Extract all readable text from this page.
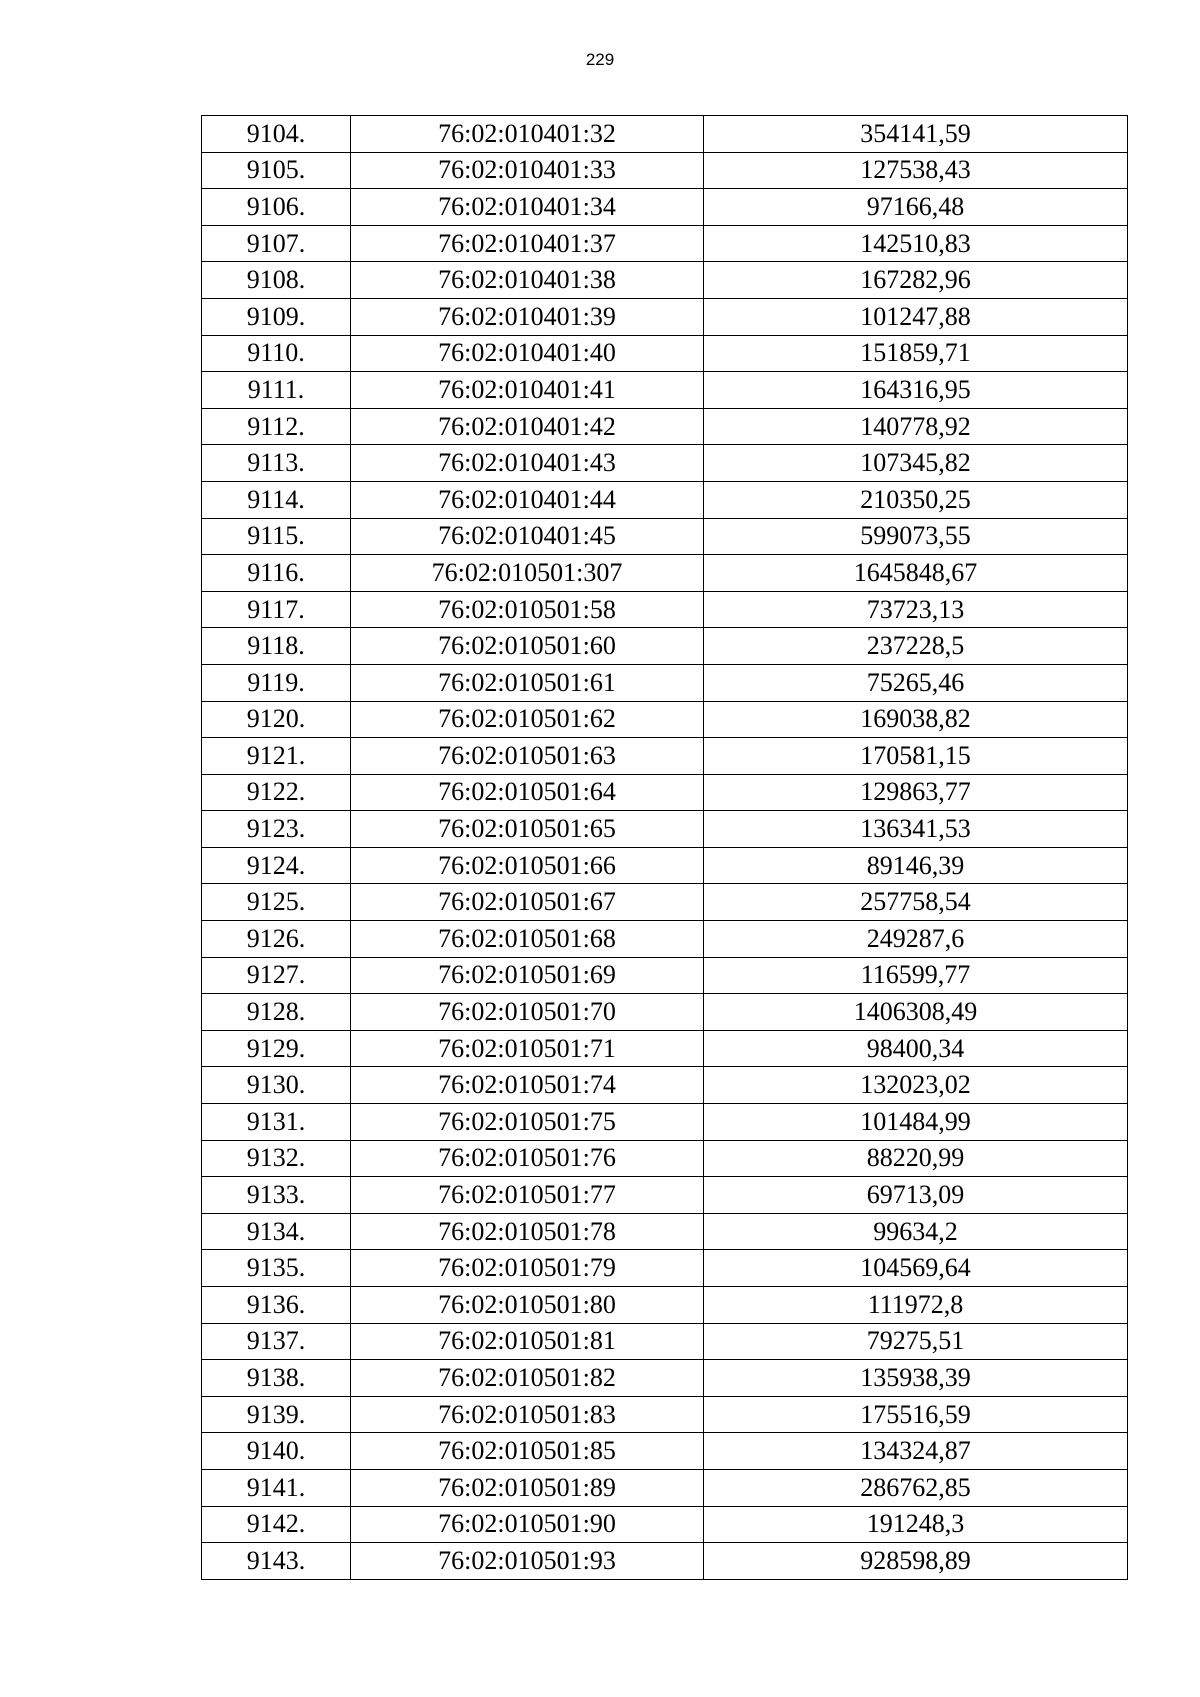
229
9104.	76:02:010401:32	354141,59
9105.	76:02:010401:33	127538,43
9106.	76:02:010401:34	97166,48
9107.	76:02:010401:37	142510,83
9108.	76:02:010401:38	167282,96
9109.	76:02:010401:39	101247,88
9110.	76:02:010401:40	151859,71
9111.	76:02:010401:41	164316,95
9112.	76:02:010401:42	140778,92
9113.	76:02:010401:43	107345,82
9114.	76:02:010401:44	210350,25
9115.	76:02:010401:45	599073,55
9116.	76:02:010501:307	1645848,67
9117.	76:02:010501:58	73723,13
9118.	76:02:010501:60	237228,5
9119.	76:02:010501:61	75265,46
9120.	76:02:010501:62	169038,82
9121.	76:02:010501:63	170581,15
9122.	76:02:010501:64	129863,77
9123.	76:02:010501:65	136341,53
9124.	76:02:010501:66	89146,39
9125.	76:02:010501:67	257758,54
9126.	76:02:010501:68	249287,6
9127.	76:02:010501:69	116599,77
9128.	76:02:010501:70	1406308,49
9129.	76:02:010501:71	98400,34
9130.	76:02:010501:74	132023,02
9131.	76:02:010501:75	101484,99
9132.	76:02:010501:76	88220,99
9133.	76:02:010501:77	69713,09
9134.	76:02:010501:78	99634,2
9135.	76:02:010501:79	104569,64
9136.	76:02:010501:80	111972,8
9137.	76:02:010501:81	79275,51
9138.	76:02:010501:82	135938,39
9139.	76:02:010501:83	175516,59
9140.	76:02:010501:85	134324,87
9141.	76:02:010501:89	286762,85
9142.	76:02:010501:90	191248,3
9143.	76:02:010501:93	928598,89
